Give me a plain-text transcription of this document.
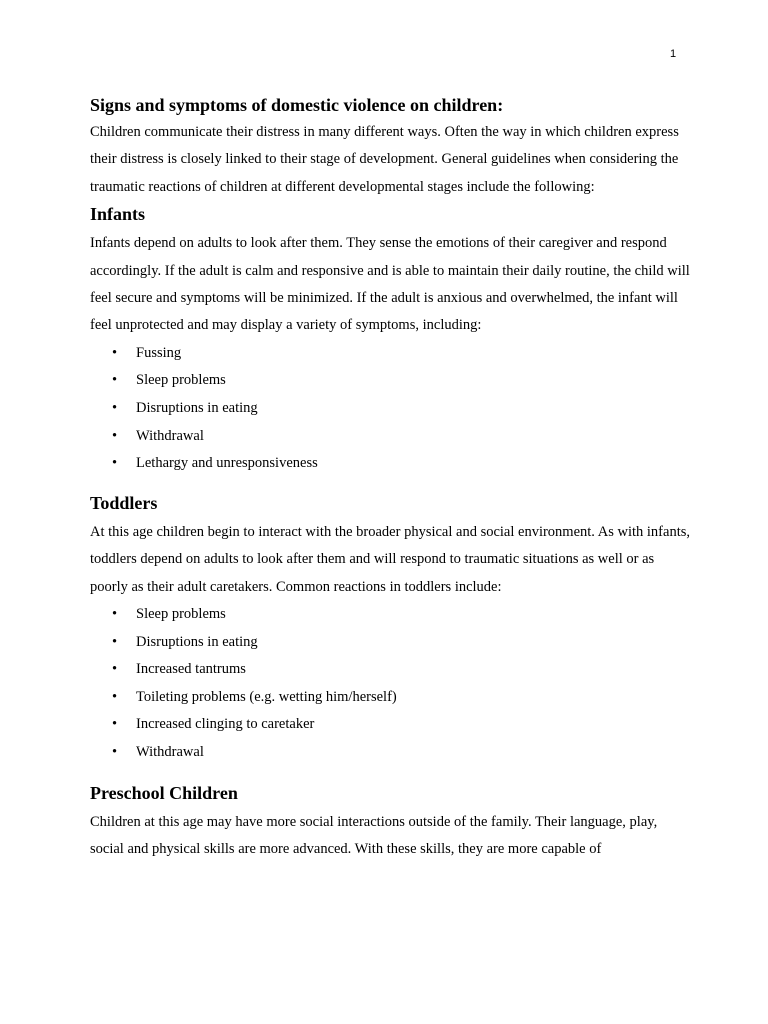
1
Signs and symptoms of domestic violence on children:

Children communicate their distress in many different ways. Often the way in which children express their distress is closely linked to their stage of development. General guidelines when considering the traumatic reactions of children at different developmental stages include the following:

Infants

Infants depend on adults to look after them. They sense the emotions of their caregiver and respond accordingly. If the adult is calm and responsive and is able to maintain their daily routine, the child will feel secure and symptoms will be minimized. If the adult is anxious and overwhelmed, the infant will feel unprotected and may display a variety of symptoms, including:

• Fussing
• Sleep problems
• Disruptions in eating
• Withdrawal
• Lethargy and unresponsiveness
Toddlers

At this age children begin to interact with the broader physical and social environment. As with infants, toddlers depend on adults to look after them and will respond to traumatic situations as well or as poorly as their adult caretakers. Common reactions in toddlers include:

• Sleep problems
• Disruptions in eating
• Increased tantrums
• Toileting problems (e.g. wetting him/herself)
• Increased clinging to caretaker
• Withdrawal
Preschool Children

Children at this age may have more social interactions outside of the family. Their language, play, social and physical skills are more advanced. With these skills, they are more capable of
